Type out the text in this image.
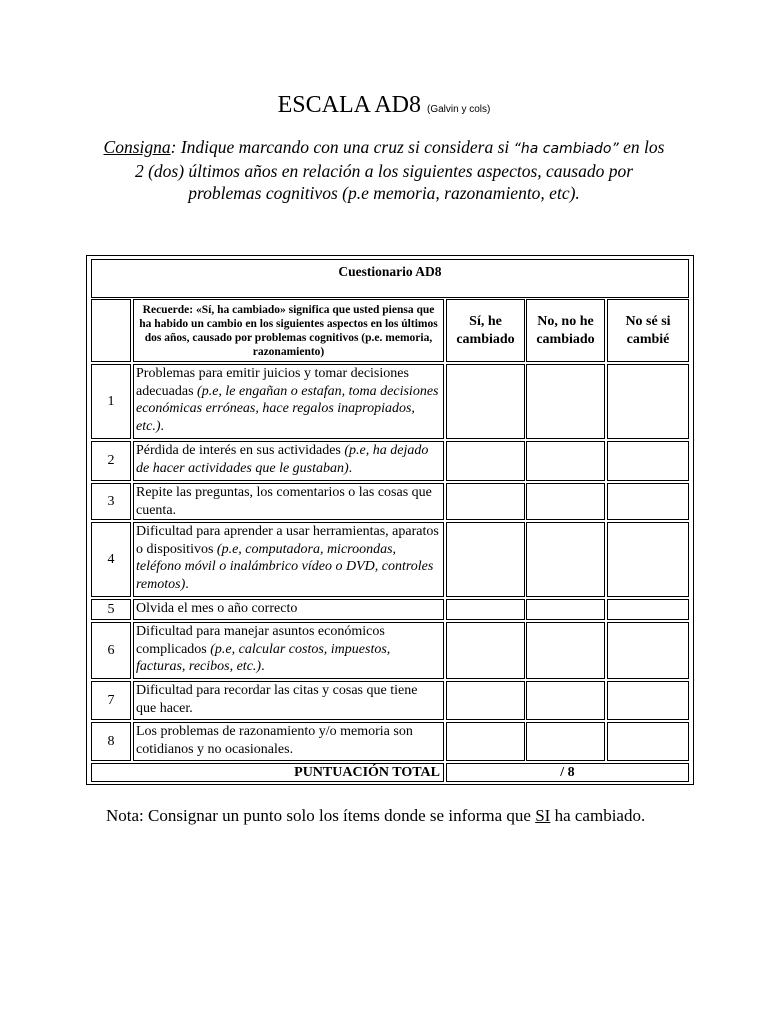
ESCALA AD8 (Galvin y cols)
Consigna: Indique marcando con una cruz si considera si “ha cambiado” en los 2 (dos) últimos años en relación a los siguientes aspectos, causado por problemas cognitivos (p.e memoria, razonamiento, etc).
Cuestionario AD8
Recuerde: «Sí, ha cambiado» significa que usted piensa que ha habido un cambio en los siguientes aspectos en los últimos dos años, causado por problemas cognitivos (p.e. memoria, razonamiento)
Sí, he cambiado
No, no he cambiado
No sé si cambié
1
Problemas para emitir juicios y tomar decisiones adecuadas (p.e, le engañan o estafan, toma decisiones económicas erróneas, hace regalos inapropiados, etc.).
2
Pérdida de interés en sus actividades (p.e, ha dejado de hacer actividades que le gustaban).
3
Repite las preguntas, los comentarios o las cosas que cuenta.
4
Dificultad para aprender a usar herramientas, aparatos o dispositivos (p.e, computadora, microondas, teléfono móvil o inalámbrico vídeo o DVD, controles remotos).
5	Olvida el mes o año correcto
6
Dificultad para manejar asuntos económicos complicados (p.e, calcular costos, impuestos, facturas, recibos, etc.).
7
Dificultad para recordar las citas y cosas que tiene que hacer.
8
Los problemas de razonamiento y/o memoria son cotidianos y no ocasionales.
PUNTUACIÓN TOTAL	/ 8
Nota: Consignar un punto solo los ítems donde se informa que SI ha cambiado.
